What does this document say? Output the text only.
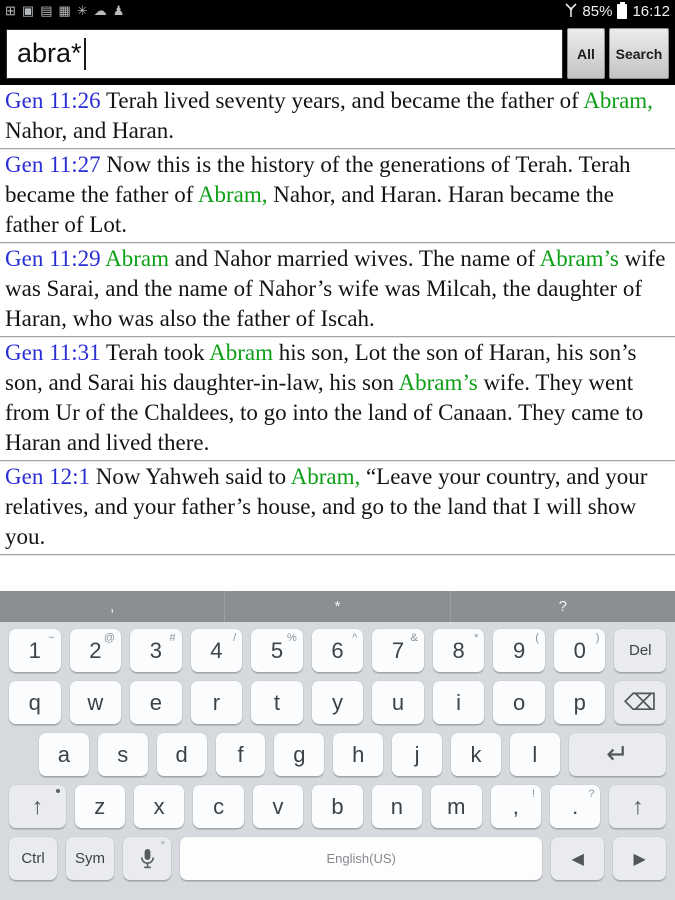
⊞ ▣ ▤ ▦ ✳ ☁ ♟	85% 16:12
abra*	All	Search
Gen 11:26 Terah lived seventy years, and became the father of Abram, Nahor, and Haran.
Gen 11:27 Now this is the history of the generations of Terah. Terah became the father of Abram, Nahor, and Haran. Haran became the father of Lot.
Gen 11:29 Abram and Nahor married wives. The name of Abram’s wife was Sarai, and the name of Nahor’s wife was Milcah, the daughter of Haran, who was also the father of Iscah.
Gen 11:31 Terah took Abram his son, Lot the son of Haran, his son’s son, and Sarai his daughter-in-law, his son Abram’s wife. They went from Ur of the Chaldees, to go into the land of Canaan. They came to Haran and lived there.
Gen 12:1 Now Yahweh said to Abram, “Leave your country, and your relatives, and your father’s house, and go to the land that I will show you.
,	*	?
1 ~ 2 @ 3 # 4 / 5 % 6 ^ 7 & 8 * 9 ( 0 )
Del
q w e r t y u i o p	⌫
a s d f g h j k l	↵
↑	z x c v b n m , ! . ?	↑
Ctrl Sym
°
English(US)	◀	▶
